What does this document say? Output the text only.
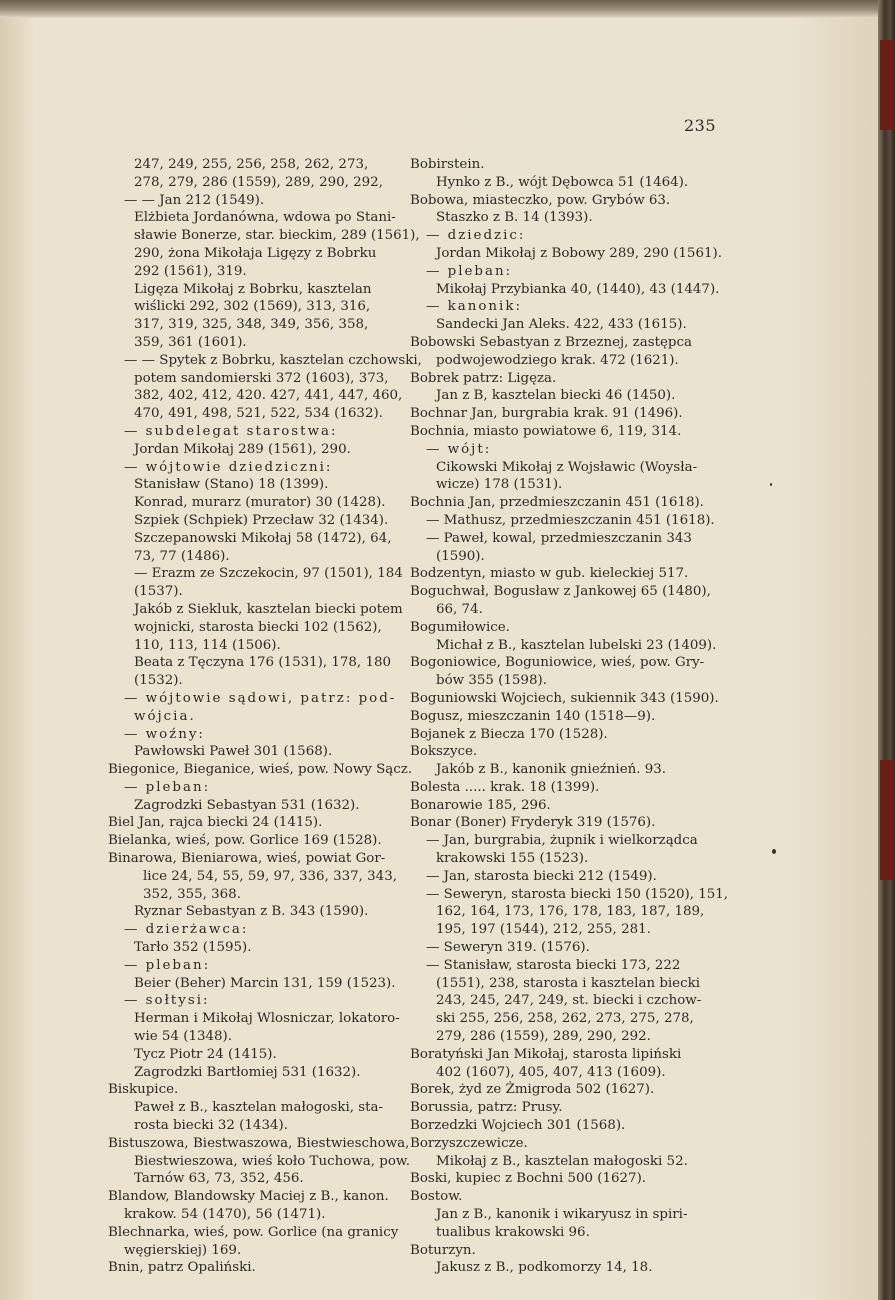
235
247, 249, 255, 256, 258, 262, 273,
278, 279, 286 (1559), 289, 290, 292,
— — Jan 212 (1549).
Elżbieta Jordanówna, wdowa po Stani-
sławie Bonerze, star. bieckim, 289 (1561),
290, żona Mikołaja Ligęzy z Bobrku
292 (1561), 319.
Ligęza Mikołaj z Bobrku, kasztelan
wiślicki 292, 302 (1569), 313, 316,
317, 319, 325, 348, 349, 356, 358,
359, 361 (1601).
— — Spytek z Bobrku, kasztelan czchowski,
potem sandomierski 372 (1603), 373,
382, 402, 412, 420. 427, 441, 447, 460,
470, 491, 498, 521, 522, 534 (1632).
— subdelegat starostwa:
Jordan Mikołaj 289 (1561), 290.
— wójtowie dziedziczni:
Stanisław (Stano) 18 (1399).
Konrad, murarz (murator) 30 (1428).
Szpiek (Schpiek) Przecław 32 (1434).
Szczepanowski Mikołaj 58 (1472), 64,
73, 77 (1486).
— Erazm ze Szczekocin, 97 (1501), 184
(1537).
Jakób z Siekluk, kasztelan biecki potem
wojnicki, starosta biecki 102 (1562),
110, 113, 114 (1506).
Beata z Tęczyna 176 (1531), 178, 180
(1532).
— wójtowie sądowi, patrz: pod-
wójcia.
— woźny:
Pawłowski Paweł 301 (1568).
Biegonice, Bieganice, wieś, pow. Nowy Sącz.
— pleban:
Zagrodzki Sebastyan 531 (1632).
Biel Jan, rajca biecki 24 (1415).
Bielanka, wieś, pow. Gorlice 169 (1528).
Binarowa, Bieniarowa, wieś, powiat Gor-
lice 24, 54, 55, 59, 97, 336, 337, 343,
352, 355, 368.
Ryznar Sebastyan z B. 343 (1590).
— dzierżawca:
Tarło 352 (1595).
— pleban:
Beier (Beher) Marcin 131, 159 (1523).
— sołtysi:
Herman i Mikołaj Wlosniczar, lokatoro-
wie 54 (1348).
Tycz Piotr 24 (1415).
Zagrodzki Bartłomiej 531 (1632).
Biskupice.
Paweł z B., kasztelan małogoski, sta-
rosta biecki 32 (1434).
Bistuszowa, Biestwaszowa, Biestwieschowa,
Biestwieszowa, wieś koło Tuchowa, pow.
Tarnów 63, 73, 352, 456.
Blandow, Blandowsky Maciej z B., kanon.
krakow. 54 (1470), 56 (1471).
Blechnarka, wieś, pow. Gorlice (na granicy
węgierskiej) 169.
Bnin, patrz Opaliński.
Bobirstein.
Hynko z B., wójt Dębowca 51 (1464).
Bobowa, miasteczko, pow. Grybów 63.
Staszko z B. 14 (1393).
— dziedzic:
Jordan Mikołaj z Bobowy 289, 290 (1561).
— pleban:
Mikołaj Przybianka 40, (1440), 43 (1447).
— kanonik:
Sandecki Jan Aleks. 422, 433 (1615).
Bobowski Sebastyan z Brzeznej, zastępca
podwojewodziego krak. 472 (1621).
Bobrek patrz: Ligęza.
Jan z B, kasztelan biecki 46 (1450).
Bochnar Jan, burgrabia krak. 91 (1496).
Bochnia, miasto powiatowe 6, 119, 314.
— wójt:
Cikowski Mikołaj z Wojsławic (Woysła-
wicze) 178 (1531).
Bochnia Jan, przedmieszczanin 451 (1618).
— Mathusz, przedmieszczanin 451 (1618).
— Paweł, kowal, przedmieszczanin 343
(1590).
Bodzentyn, miasto w gub. kieleckiej 517.
Boguchwał, Bogusław z Jankowej 65 (1480),
66, 74.
Bogumiłowice.
Michał z B., kasztelan lubelski 23 (1409).
Bogoniowice, Boguniowice, wieś, pow. Gry-
bów 355 (1598).
Boguniowski Wojciech, sukiennik 343 (1590).
Bogusz, mieszczanin 140 (1518—9).
Bojanek z Biecza 170 (1528).
Bokszyce.
Jakób z B., kanonik gnieźnień. 93.
Bolesta ..... krak. 18 (1399).
Bonarowie 185, 296.
Bonar (Boner) Fryderyk 319 (1576).
— Jan, burgrabia, żupnik i wielkorządca
krakowski 155 (1523).
— Jan, starosta biecki 212 (1549).
— Seweryn, starosta biecki 150 (1520), 151,
162, 164, 173, 176, 178, 183, 187, 189,
195, 197 (1544), 212, 255, 281.
— Seweryn 319. (1576).
— Stanisław, starosta biecki 173, 222
(1551), 238, starosta i kasztelan biecki
243, 245, 247, 249, st. biecki i czchow-
ski 255, 256, 258, 262, 273, 275, 278,
279, 286 (1559), 289, 290, 292.
Boratyński Jan Mikołaj, starosta lipiński
402 (1607), 405, 407, 413 (1609).
Borek, żyd ze Żmigroda 502 (1627).
Borussia, patrz: Prusy.
Borzedzki Wojciech 301 (1568).
Borzyszczewicze.
Mikołaj z B., kasztelan małogoski 52.
Boski, kupiec z Bochni 500 (1627).
Bostow.
Jan z B., kanonik i wikaryusz in spiri-
tualibus krakowski 96.
Boturzyn.
Jakusz z B., podkomorzy 14, 18.
